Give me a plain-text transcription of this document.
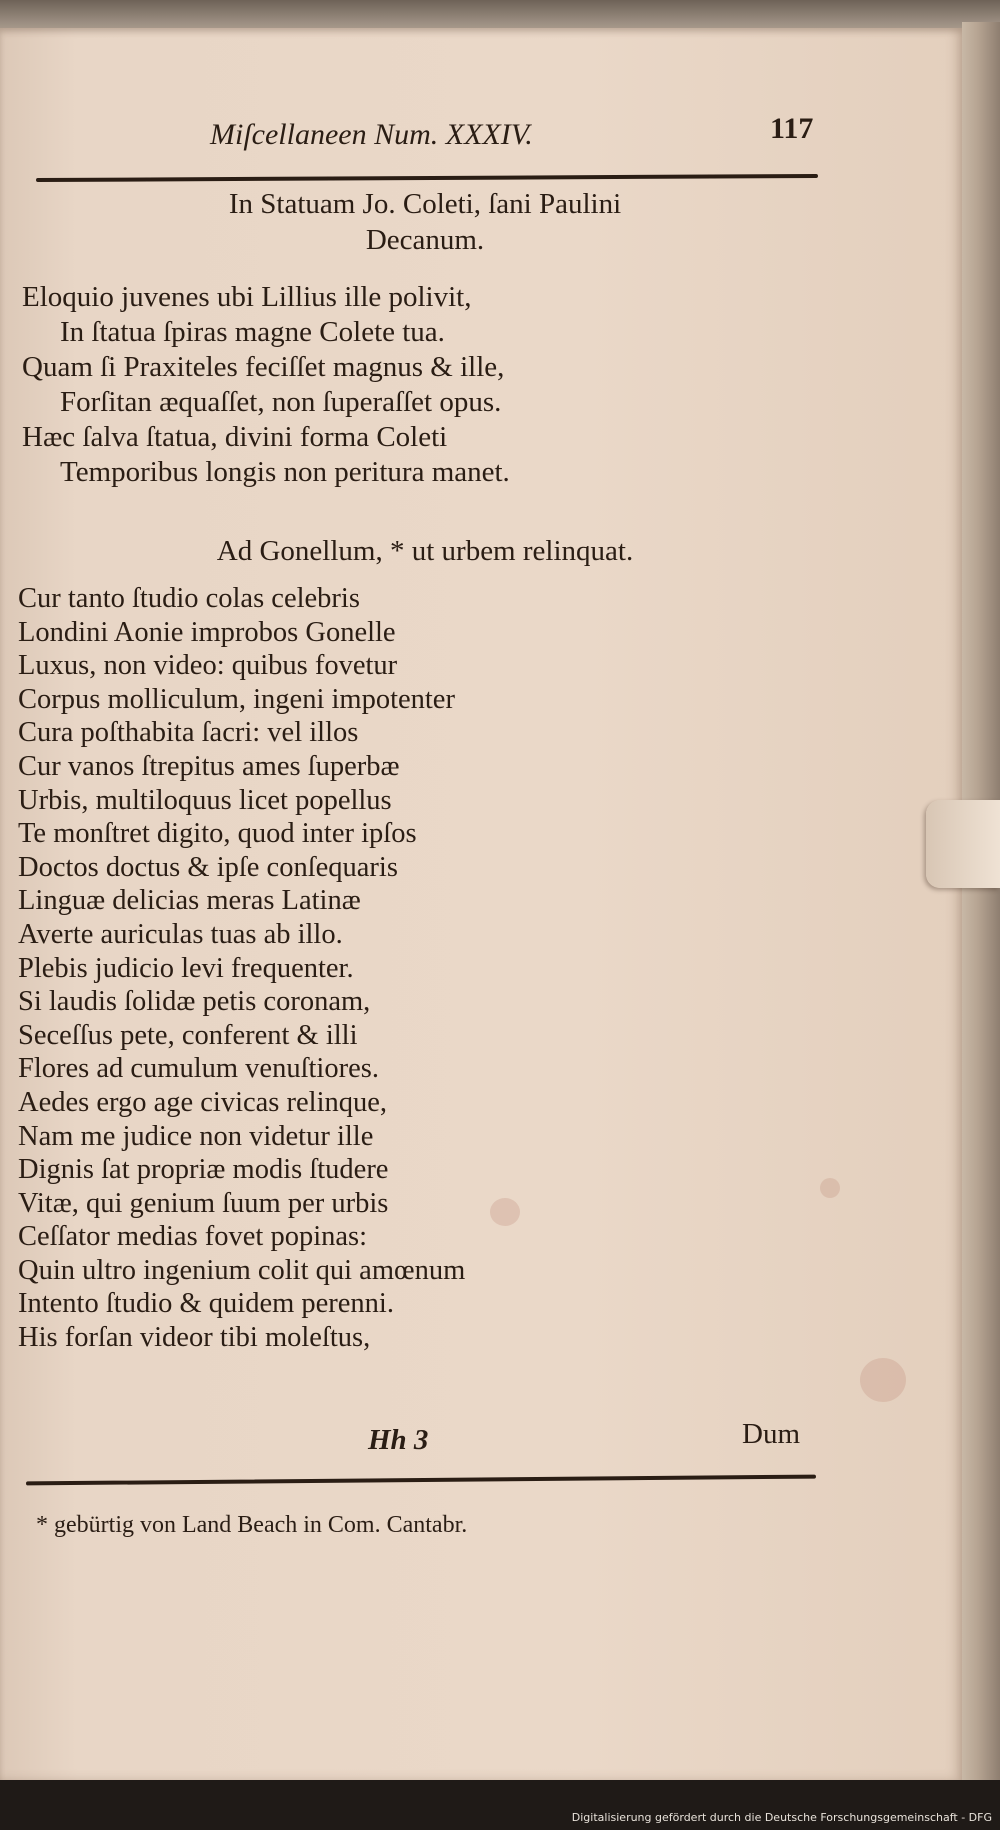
Miſcellaneen Num. XXXIV.	117
In Statuam Jo. Coleti, ſani Paulini
Decanum.
Eloquio juvenes ubi Lillius ille polivit,
In ſtatua ſpiras magne Colete tua.
Quam ſi Praxiteles feciſſet magnus & ille,
Forſitan æquaſſet, non ſuperaſſet opus.
Hæc ſalva ſtatua, divini forma Coleti
Temporibus longis non peritura manet.
Ad Gonellum, * ut urbem relinquat.
Cur tanto ſtudio colas celebris
Londini Aonie improbos Gonelle
Luxus, non video: quibus fovetur
Corpus molliculum, ingeni impotenter
Cura poſthabita ſacri: vel illos
Cur vanos ſtrepitus ames ſuperbæ
Urbis, multiloquus licet popellus
Te monſtret digito, quod inter ipſos
Doctos doctus & ipſe conſequaris
Linguæ delicias meras Latinæ
Averte auriculas tuas ab illo.
Plebis judicio levi frequenter.
Si laudis ſolidæ petis coronam,
Seceſſus pete, conferent & illi
Flores ad cumulum venuſtiores.
Aedes ergo age civicas relinque,
Nam me judice non videtur ille
Dignis ſat propriæ modis ſtudere
Vitæ, qui genium ſuum per urbis
Ceſſator medias fovet popinas:
Quin ultro ingenium colit qui amœnum
Intento ſtudio & quidem perenni.
His forſan videor tibi moleſtus,
Hh 3	Dum
* gebürtig von Land Beach in Com. Cantabr.
Digitalisierung gefördert durch die Deutsche Forschungsgemeinschaft - DFG
